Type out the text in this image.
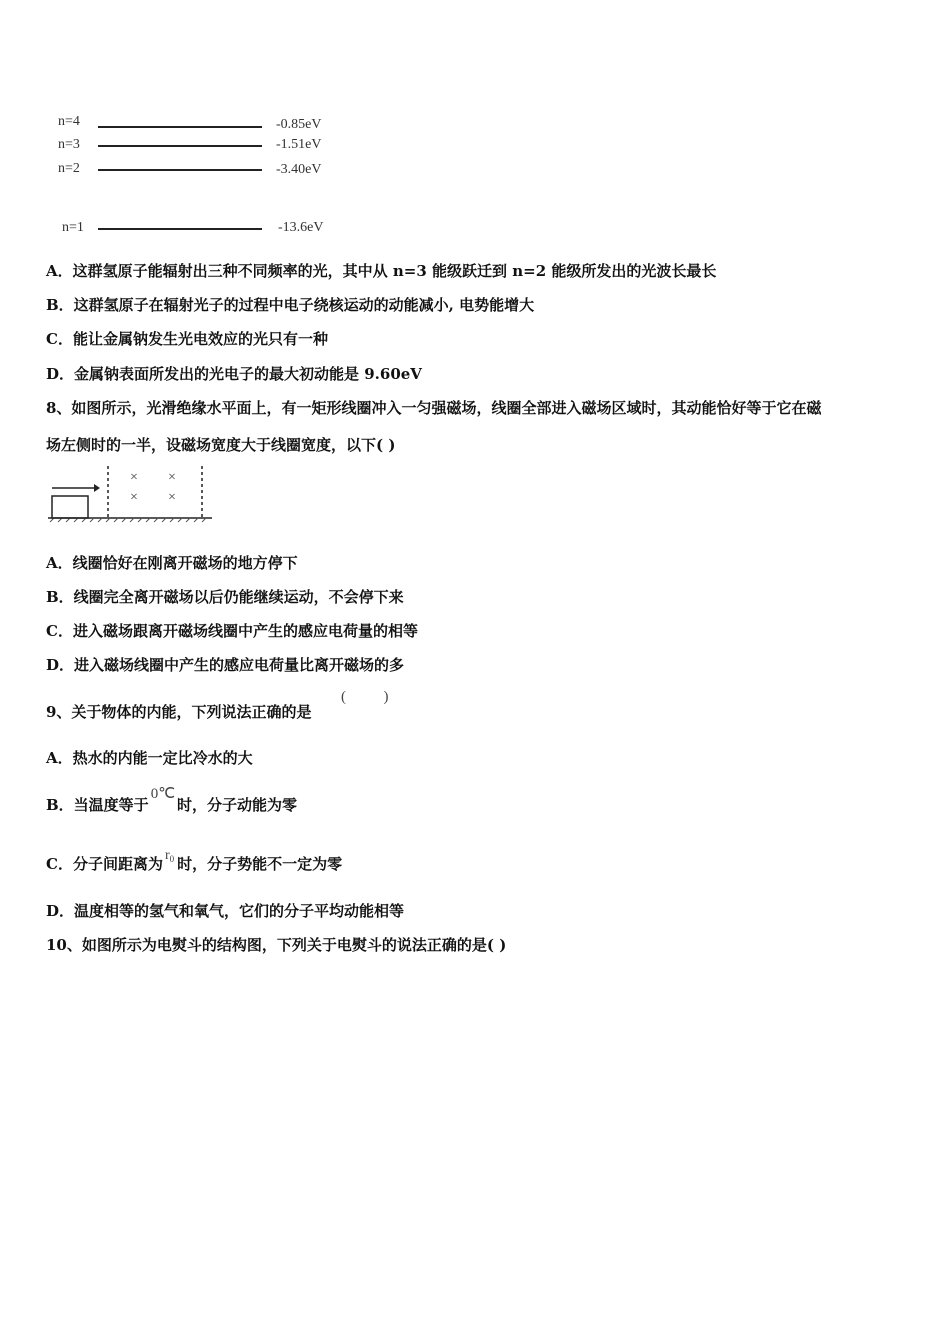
n=4	-0.85eV
n=3	-1.51eV
n=2	-3.40eV
n=1	-13.6eV
A．这群氢原子能辐射出三种不同频率的光，其中从 n=3 能级跃迁到 n=2 能级所发出的光波长最长
B．这群氢原子在辐射光子的过程中电子绕核运动的动能减小, 电势能增大
C．能让金属钠发生光电效应的光只有一种
D．金属钠表面所发出的光电子的最大初动能是 9.60eV
8、如图所示，光滑绝缘水平面上，有一矩形线圈冲入一匀强磁场，线圈全部进入磁场区域时，其动能恰好等于它在磁
场左侧时的一半，设磁场宽度大于线圈宽度，以下( )
× ×
× ×
A．线圈恰好在刚离开磁场的地方停下
B．线圈完全离开磁场以后仍能继续运动，不会停下来
C．进入磁场跟离开磁场线圈中产生的感应电荷量的相等
D．进入磁场线圈中产生的感应电荷量比离开磁场的多
9、关于物体的内能，下列说法正确的是
(          )
A．热水的内能一定比冷水的大
B．当温度等于0℃时，分子动能为零
C．分子间距离为 $r^0$ 时，分子势能不一定为零
D．温度相等的氢气和氧气，它们的分子平均动能相等
10、如图所示为电熨斗的结构图，下列关于电熨斗的说法正确的是( )
